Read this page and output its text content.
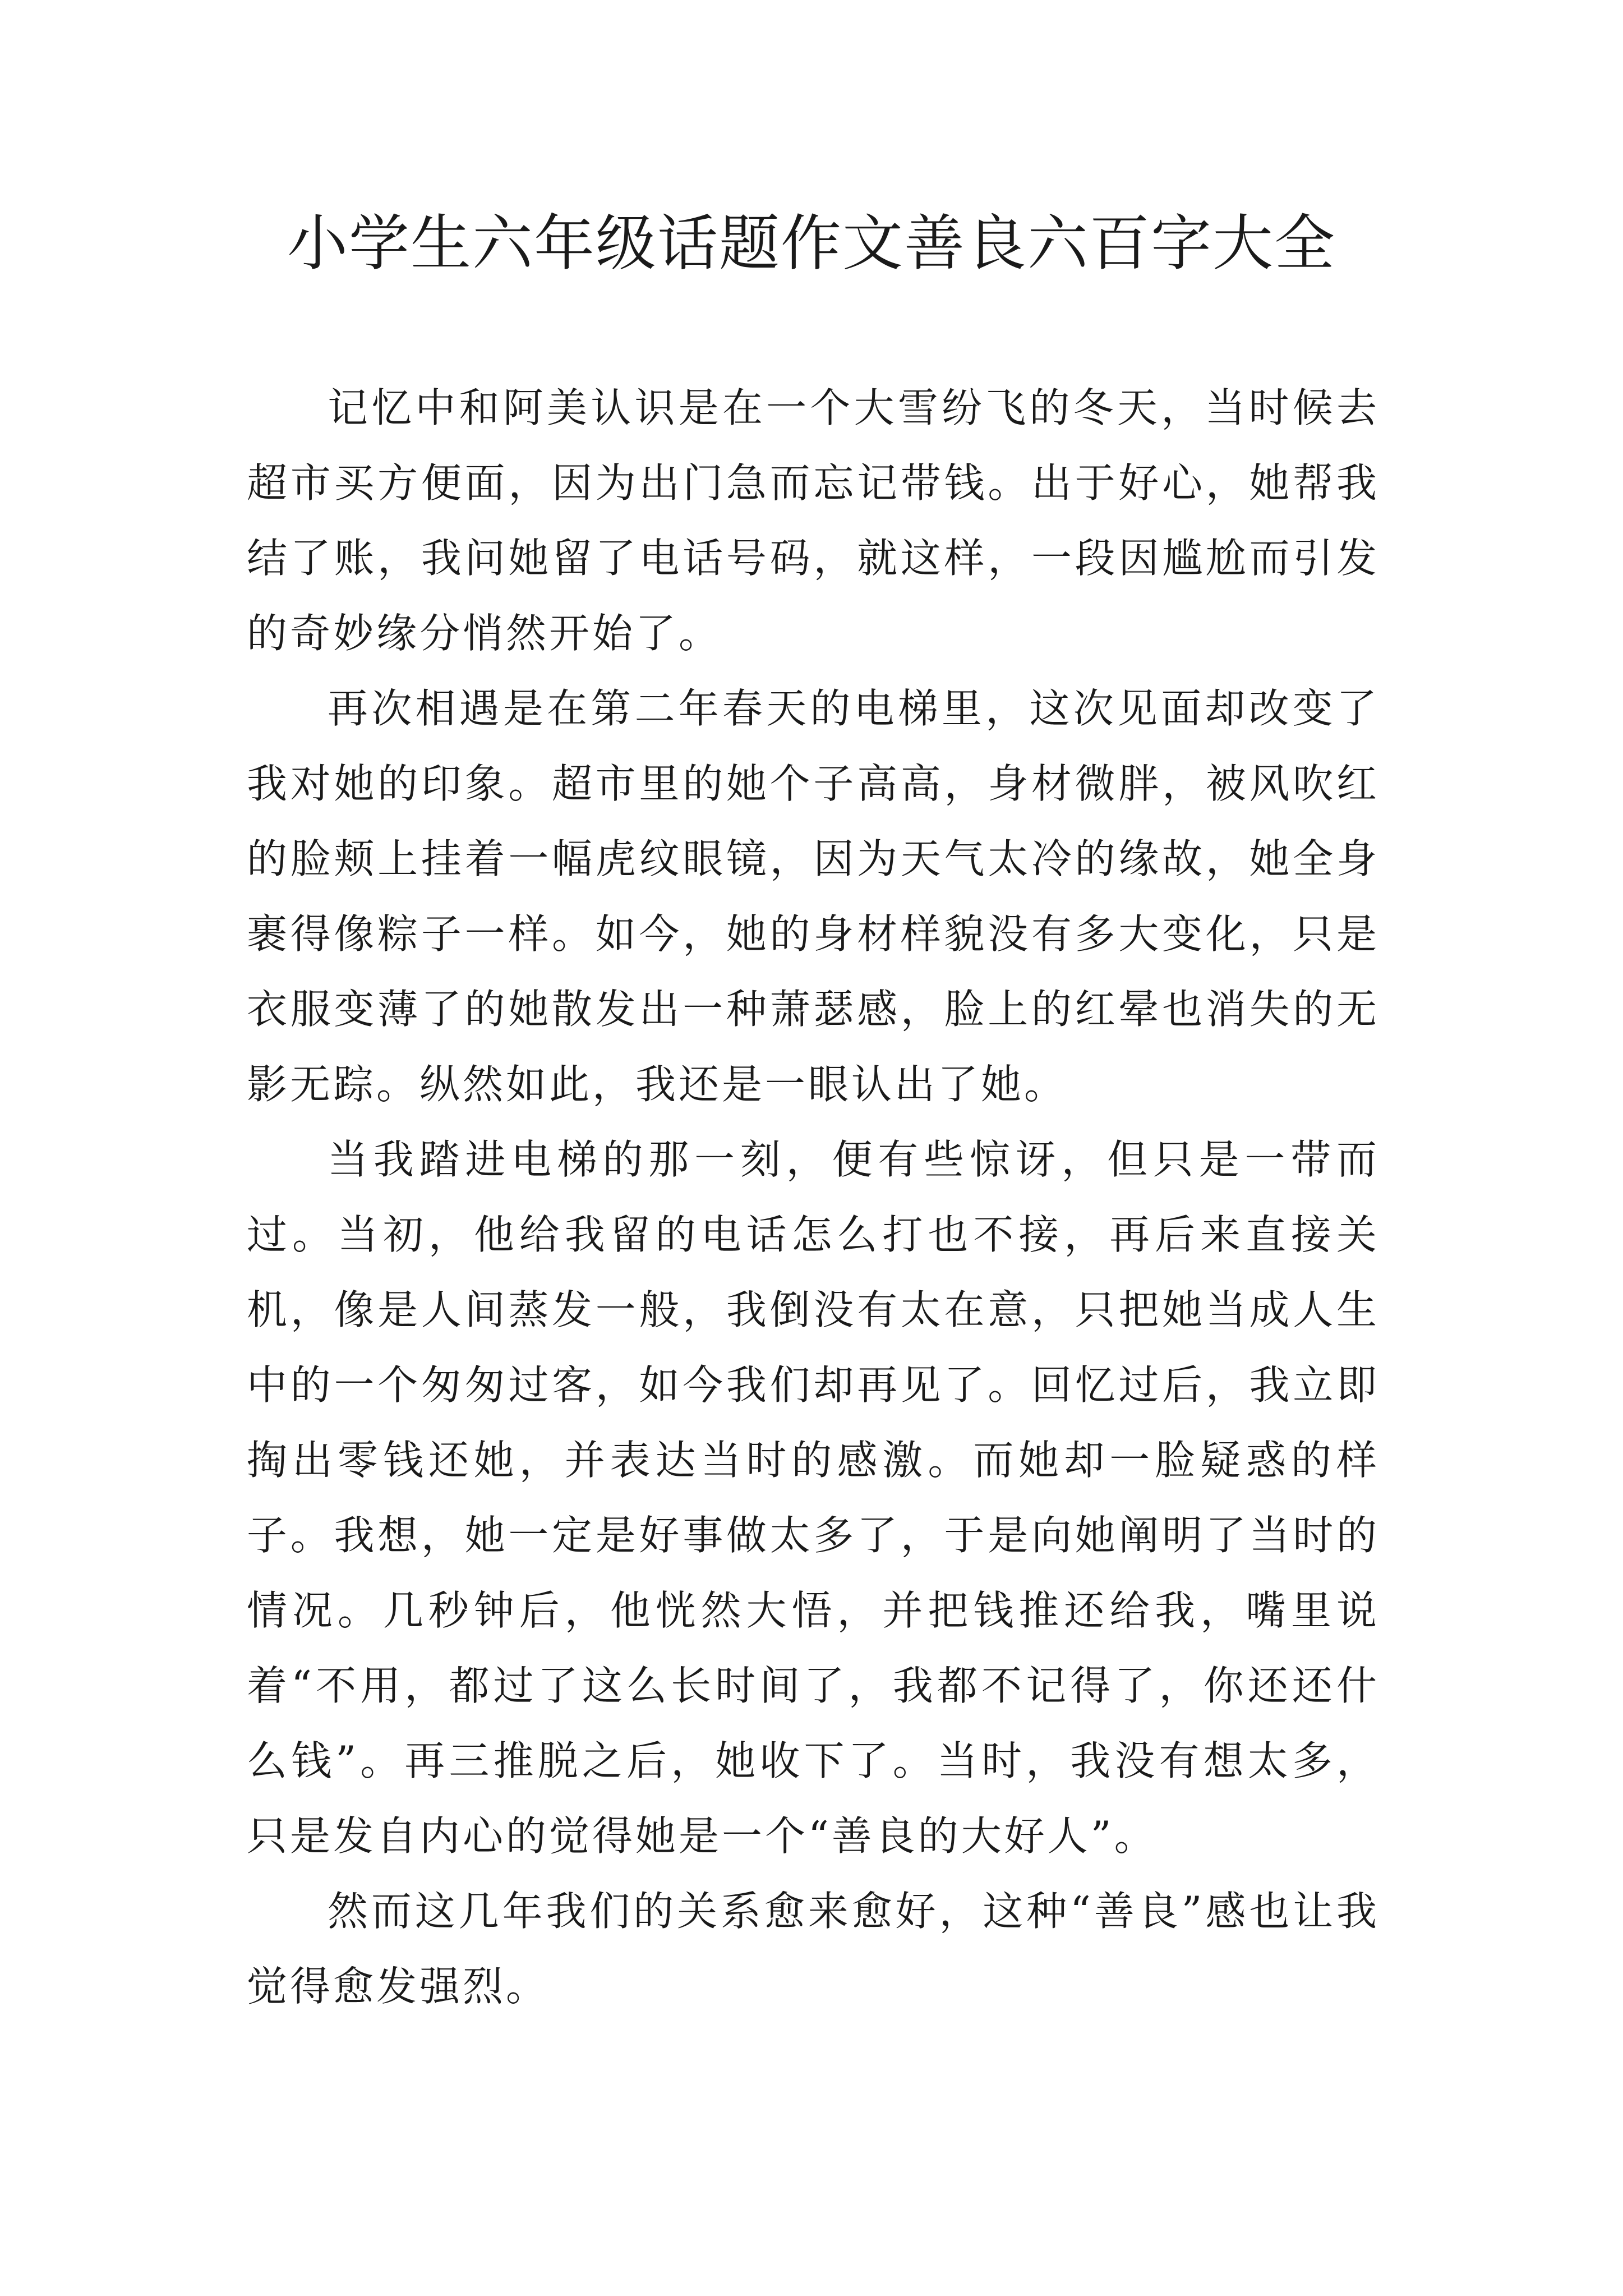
小学生六年级话题作文善良六百字大全

记忆中和阿美认识是在一个大雪纷飞的冬天，当时候去超市买方便面，因为出门急而忘记带钱。出于好心，她帮我结了账，我问她留了电话号码，就这样，一段因尴尬而引发的奇妙缘分悄然开始了。

再次相遇是在第二年春天的电梯里，这次见面却改变了我对她的印象。超市里的她个子高高，身材微胖，被风吹红的脸颊上挂着一幅虎纹眼镜，因为天气太冷的缘故，她全身裹得像粽子一样。如今，她的身材样貌没有多大变化，只是衣服变薄了的她散发出一种萧瑟感，脸上的红晕也消失的无影无踪。纵然如此，我还是一眼认出了她。

当我踏进电梯的那一刻，便有些惊讶，但只是一带而过。当初，他给我留的电话怎么打也不接，再后来直接关机，像是人间蒸发一般，我倒没有太在意，只把她当成人生中的一个匆匆过客，如今我们却再见了。回忆过后，我立即掏出零钱还她，并表达当时的感激。而她却一脸疑惑的样子。我想，她一定是好事做太多了，于是向她阐明了当时的情况。几秒钟后，他恍然大悟，并把钱推还给我，嘴里说着“不用，都过了这么长时间了，我都不记得了，你还还什么钱”。再三推脱之后，她收下了。当时，我没有想太多，只是发自内心的觉得她是一个“善良的大好人”。

然而这几年我们的关系愈来愈好，这种“善良”感也让我觉得愈发强烈。
